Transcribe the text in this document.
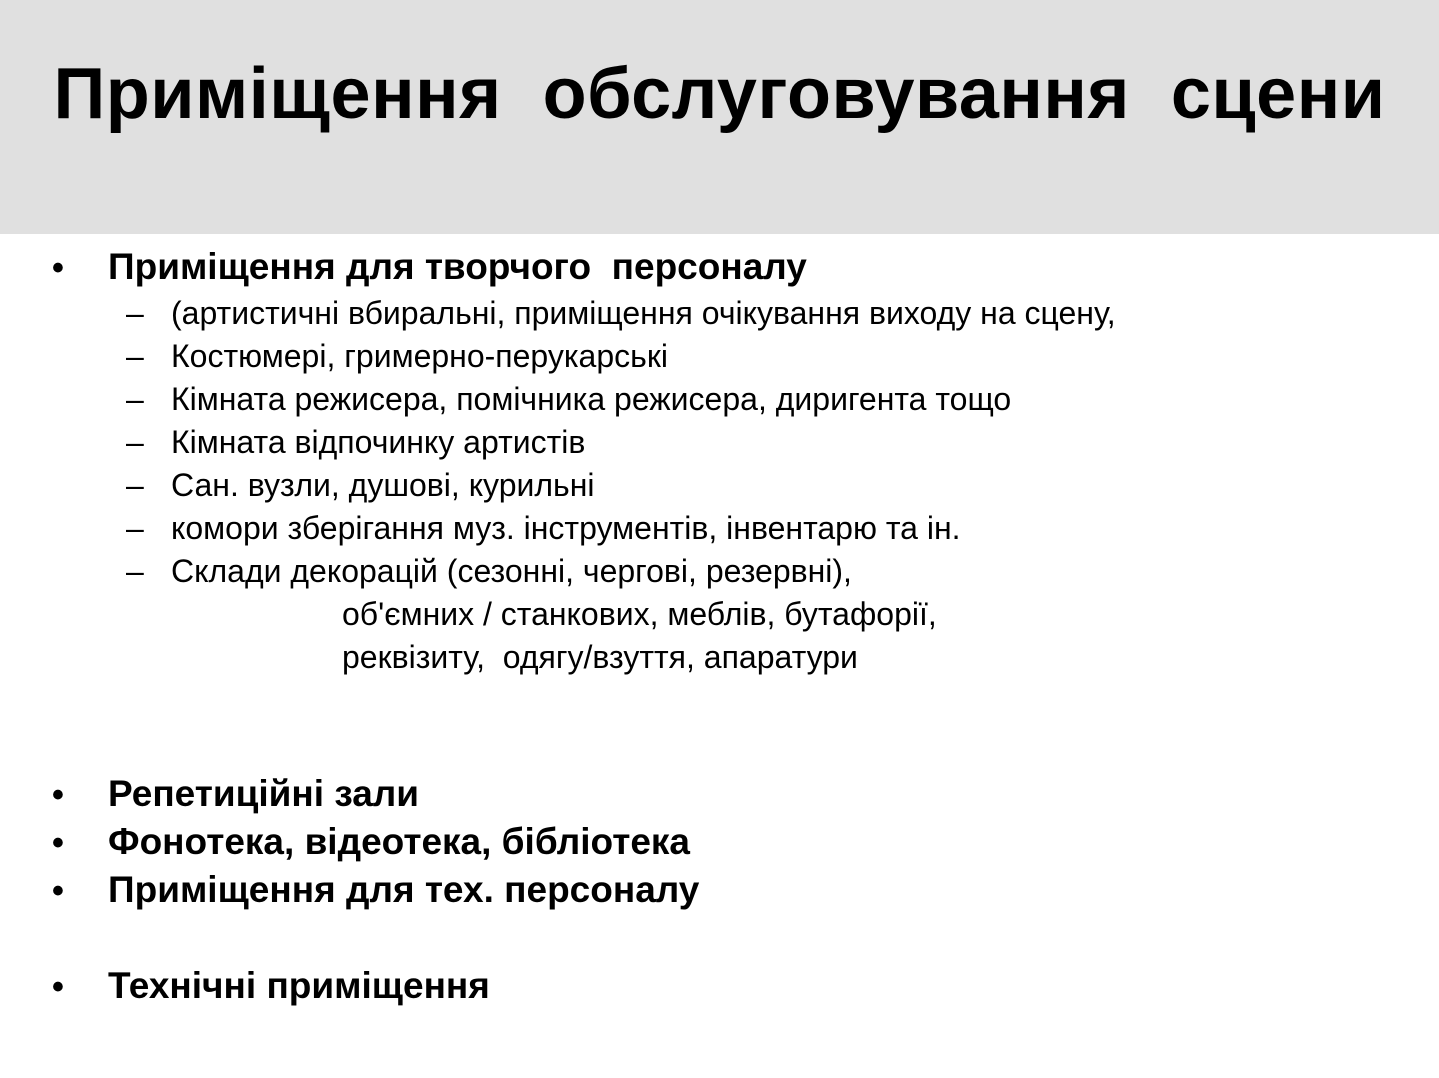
Приміщення  обслуговування  сцени
• Приміщення для творчого  персоналу
– (артистичні вбиральні, приміщення очікування виходу на сцену,
– Костюмері, гримерно-перукарські
– Кімната режисера, помічника режисера, диригента тощо
– Кімната відпочинку артистів
– Сан. вузли, душові, курильні
– комори зберігання муз. інструментів, інвентарю та ін.
– Склади декорацій (сезонні, чергові, резервні),
об'ємних / станкових, меблів, бутафорії,
реквізиту,  одягу/взуття, апаратури
• Репетиційні зали
• Фонотека, відеотека, бібліотека
• Приміщення для тех. персоналу
• Технічні приміщення
